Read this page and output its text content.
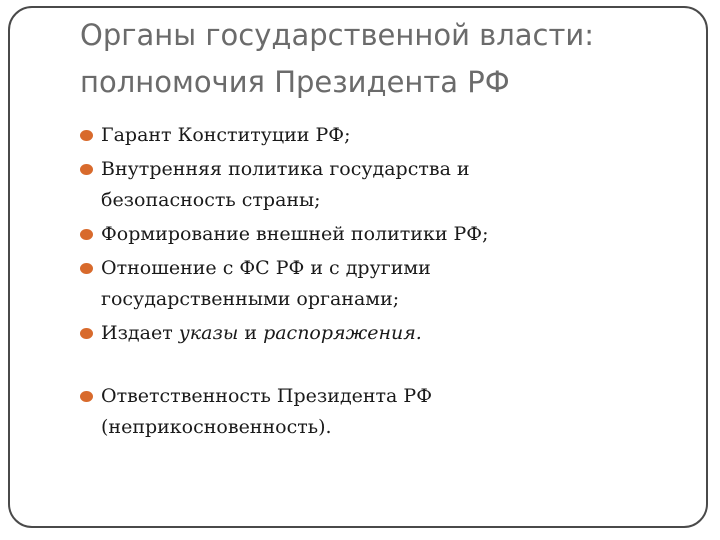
Органы государственной власти:
полномочия Президента РФ
Гарант Конституции РФ;
Внутренняя политика государства и
безопасность страны;
Формирование внешней политики РФ;
Отношение с ФС РФ и с другими
государственными органами;
Издает указы и распоряжения.
Ответственность Президента РФ
(неприкосновенность).
